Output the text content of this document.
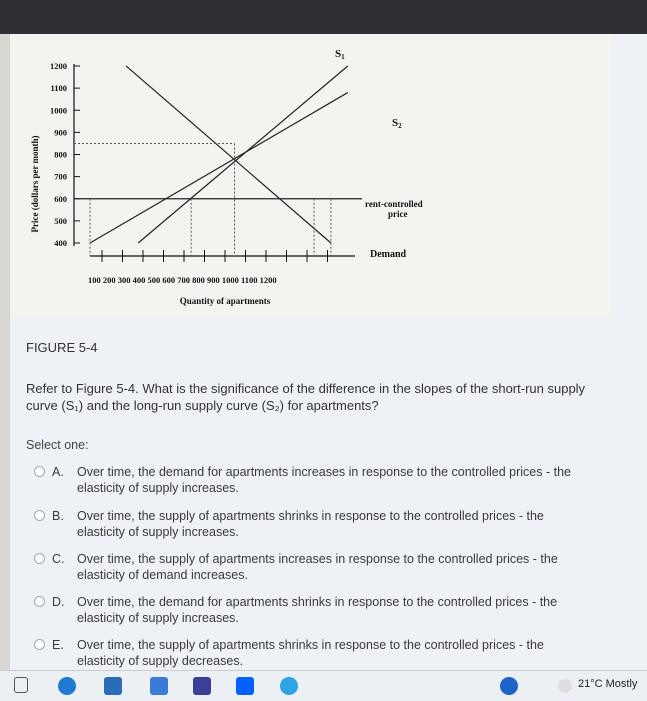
Price (dollars per month)
1200
1100
1000
900
800
700
600
500
400
100 200 300 400 500 600 700 800 900 1000 1100 1200
Quantity of apartments
S1
S2
Demand
rent-controlled
price
FIGURE 5-4
Refer to Figure 5-4. What is the significance of the difference in the slopes of the short-run supply curve (S₁) and the long-run supply curve (S₂) for apartments?
Select one:
A. Over time, the demand for apartments increases in response to the controlled prices - the elasticity of supply increases.
B. Over time, the supply of apartments shrinks in response to the controlled prices - the elasticity of supply increases.
C. Over time, the supply of apartments increases in response to the controlled prices - the elasticity of demand increases.
D. Over time, the demand for apartments shrinks in response to the controlled prices - the elasticity of supply increases.
E. Over time, the supply of apartments shrinks in response to the controlled prices - the elasticity of supply decreases.
21°C Mostly
